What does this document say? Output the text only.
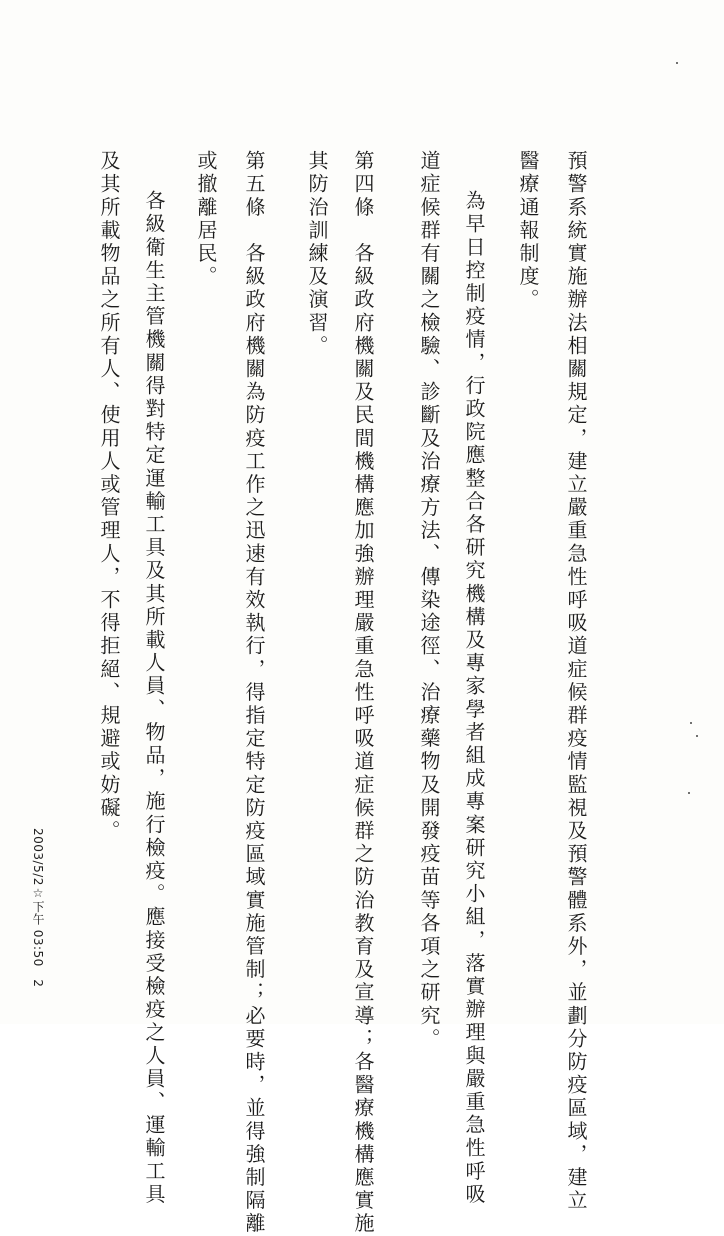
預警系統實施辦法相關規定，建立嚴重急性呼吸道症候群疫情監視及預警體系外，並劃分防疫區域，建立
醫療通報制度。
為早日控制疫情，行政院應整合各研究機構及專家學者組成專案研究小組，落實辦理與嚴重急性呼吸
道症候群有關之檢驗、診斷及治療方法、傳染途徑、治療藥物及開發疫苗等各項之研究。
第四條　各級政府機關及民間機構應加強辦理嚴重急性呼吸道症候群之防治教育及宣導；各醫療機構應實施
其防治訓練及演習。
第五條　各級政府機關為防疫工作之迅速有效執行，得指定特定防疫區域實施管制；必要時，並得強制隔離
或撤離居民。
各級衛生主管機關得對特定運輸工具及其所載人員、物品，施行檢疫。應接受檢疫之人員、運輸工具
及其所載物品之所有人、使用人或管理人，不得拒絕、規避或妨礙。
2003/5/2☆下午 03:50　2
